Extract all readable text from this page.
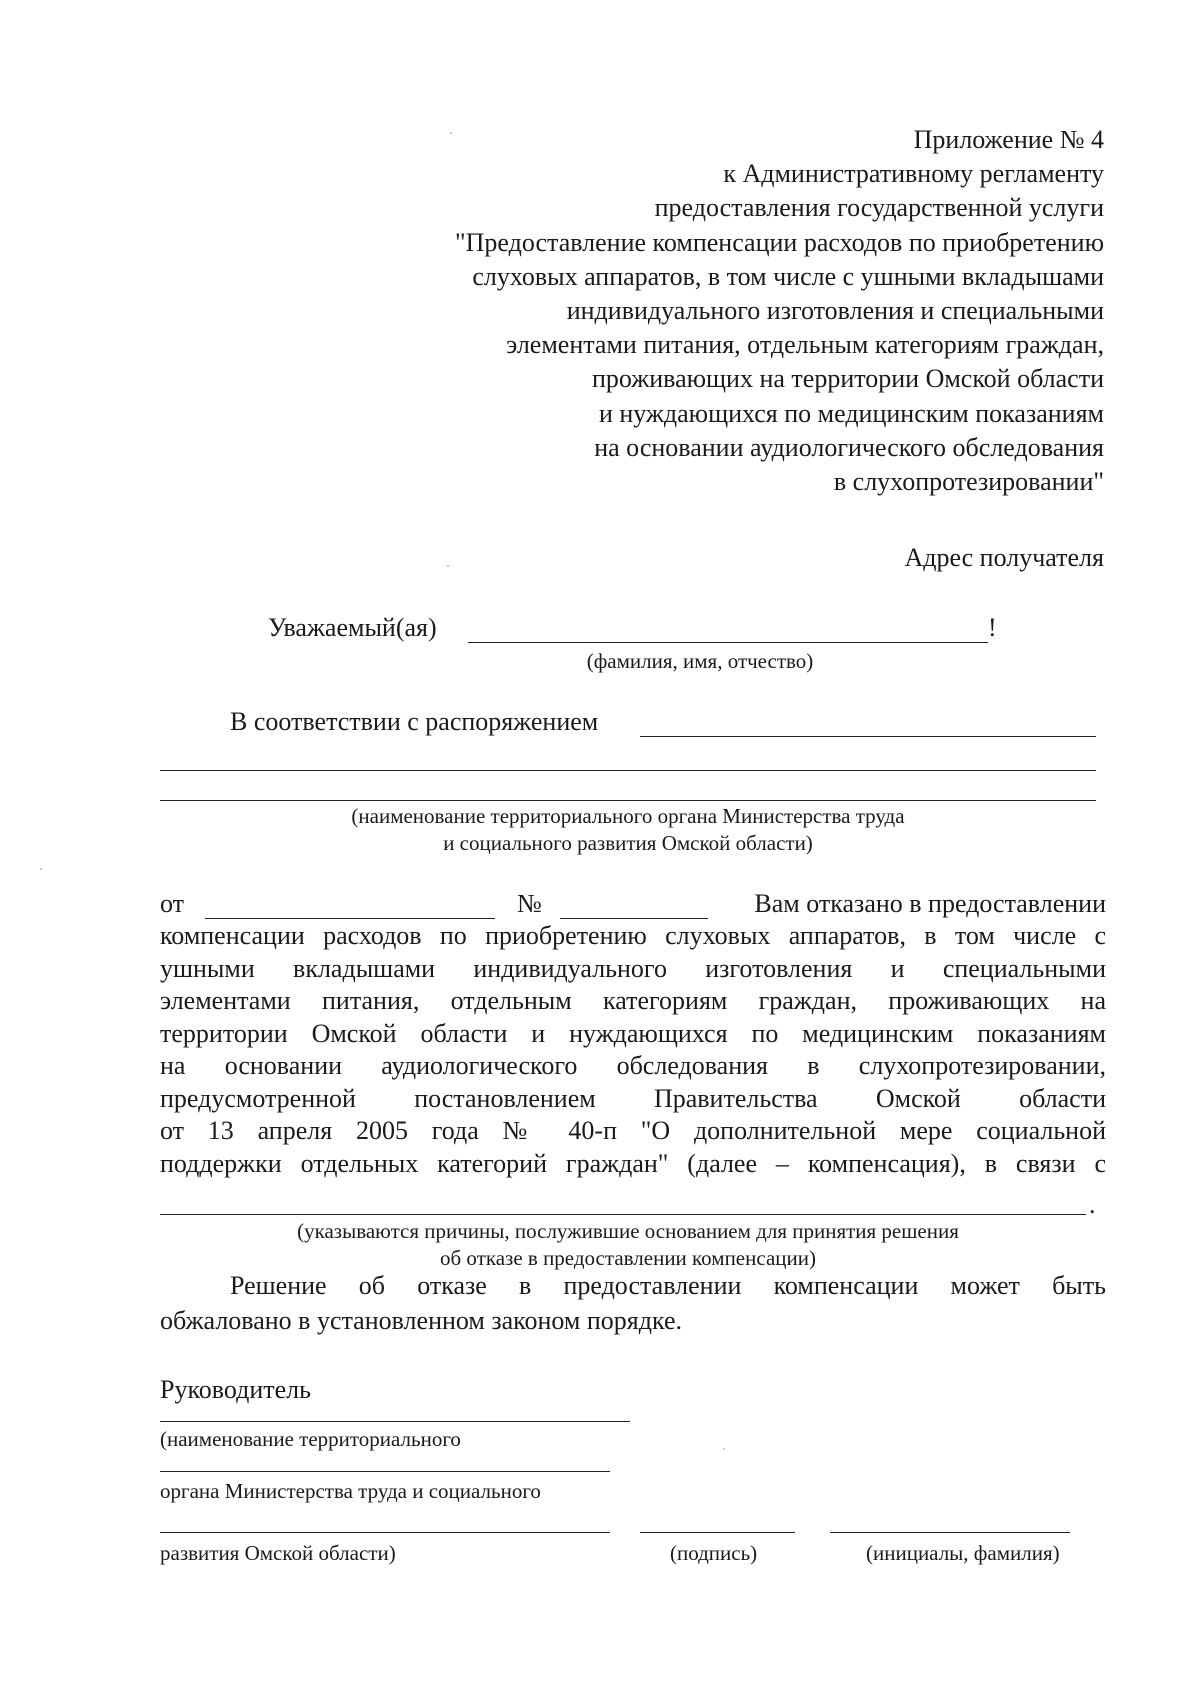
Приложение № 4
к Административному регламенту
предоставления государственной услуги
"Предоставление компенсации расходов по приобретению
слуховых аппаратов, в том числе с ушными вкладышами
индивидуального изготовления и специальными
элементами питания, отдельным категориям граждан,
проживающих на территории Омской области
и нуждающихся по медицинским показаниям
на основании аудиологического обследования
в слухопротезировании"
Адрес получателя
Уважаемый(ая)	!
(фамилия, имя, отчество)
В соответствии с распоряжением
(наименование территориального органа Министерства труда
и социального развития Омской области)
от	№	Вам отказано в предоставлении
компенсации расходов по приобретению слуховых аппаратов, в том числе с
ушными вкладышами индивидуального изготовления и специальными
элементами питания, отдельным категориям граждан, проживающих на
территории Омской области и нуждающихся по медицинским показаниям
на основании аудиологического обследования в слухопротезировании,
предусмотренной постановлением Правительства Омской области
от 13 апреля 2005 года № 40-п "О дополнительной мере социальной
поддержки отдельных категорий граждан" (далее – компенсация), в связи с
.
(указываются причины, послужившие основанием для принятия решения
об отказе в предоставлении компенсации)
Решение об отказе в предоставлении компенсации может быть
обжаловано в установленном законом порядке.
Руководитель
(наименование территориального
органа Министерства труда и социального
развития Омской области)	(подпись)	(инициалы, фамилия)
